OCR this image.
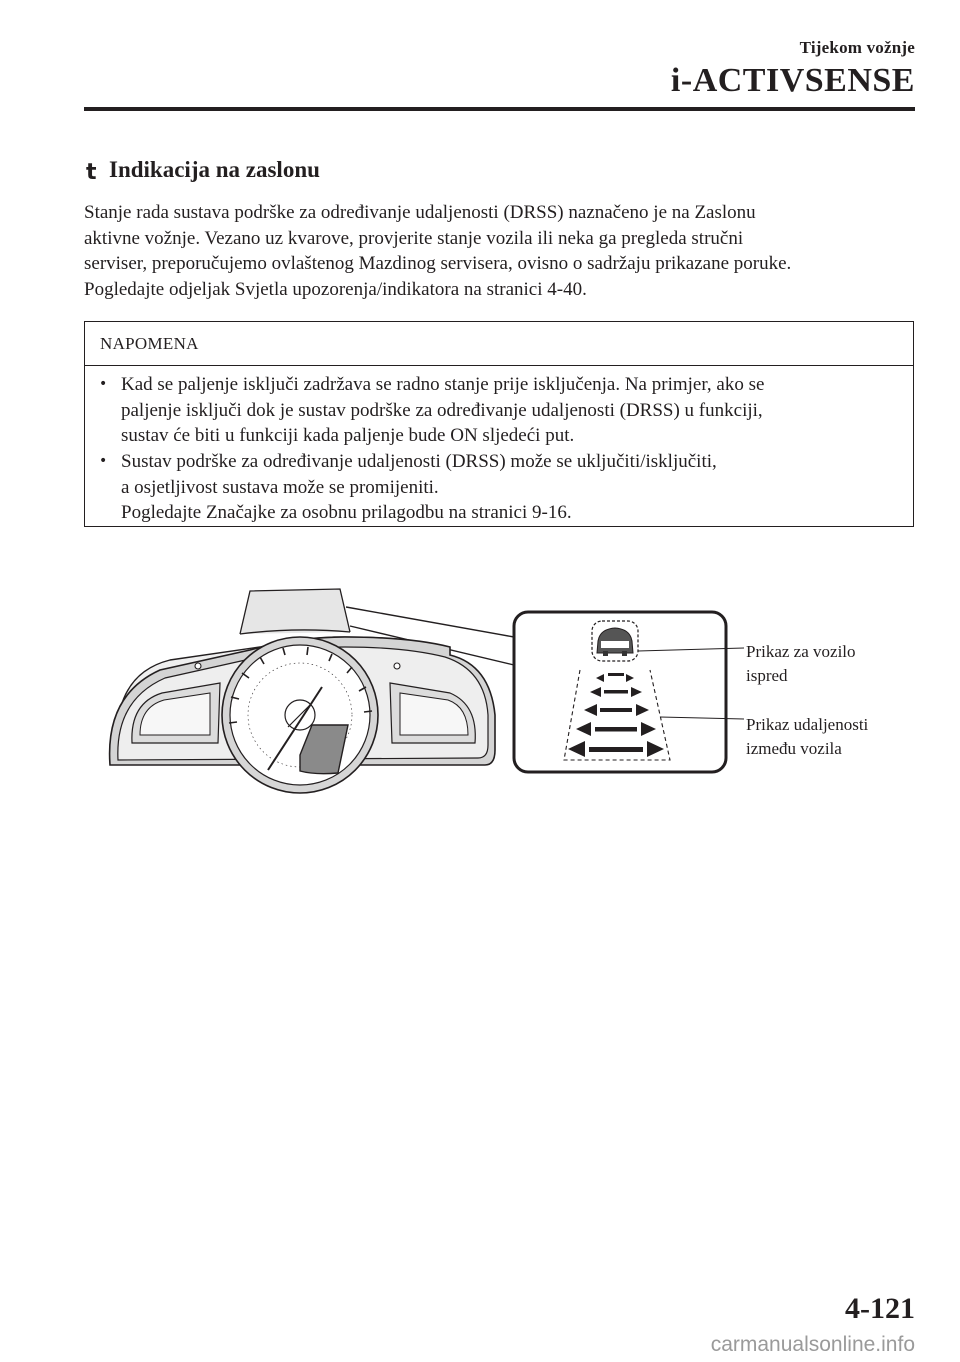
Tijekom vožnje
i-ACTIVSENSE
t Indikacija na zaslonu

Stanje rada sustava podrške za određivanje udaljenosti (DRSS) naznačeno je na Zaslonu

aktivne vožnje. Vezano uz kvarove, provjerite stanje vozila ili neka ga pregleda stručni

serviser, preporučujemo ovlaštenog Mazdinog servisera, ovisno o sadržaju prikazane poruke.

Pogledajte odjeljak Svjetla upozorenja/indikatora na stranici 4-40.

NAPOMENA
• Kad se paljenje isključi zadržava se radno stanje prije isključenja. Na primjer, ako se
paljenje isključi dok je sustav podrške za određivanje udaljenosti (DRSS) u funkciji,
sustav će biti u funkciji kada paljenje bude ON sljedeći put.
• Sustav podrške za određivanje udaljenosti (DRSS) može se uključiti/isključiti,
a osjetljivost sustava može se promijeniti.
Pogledajte Značajke za osobnu prilagodbu na stranici 9-16.
Prikaz za vozilo
ispred
Prikaz udaljenosti
između vozila
4-121
carmanualsonline.info
